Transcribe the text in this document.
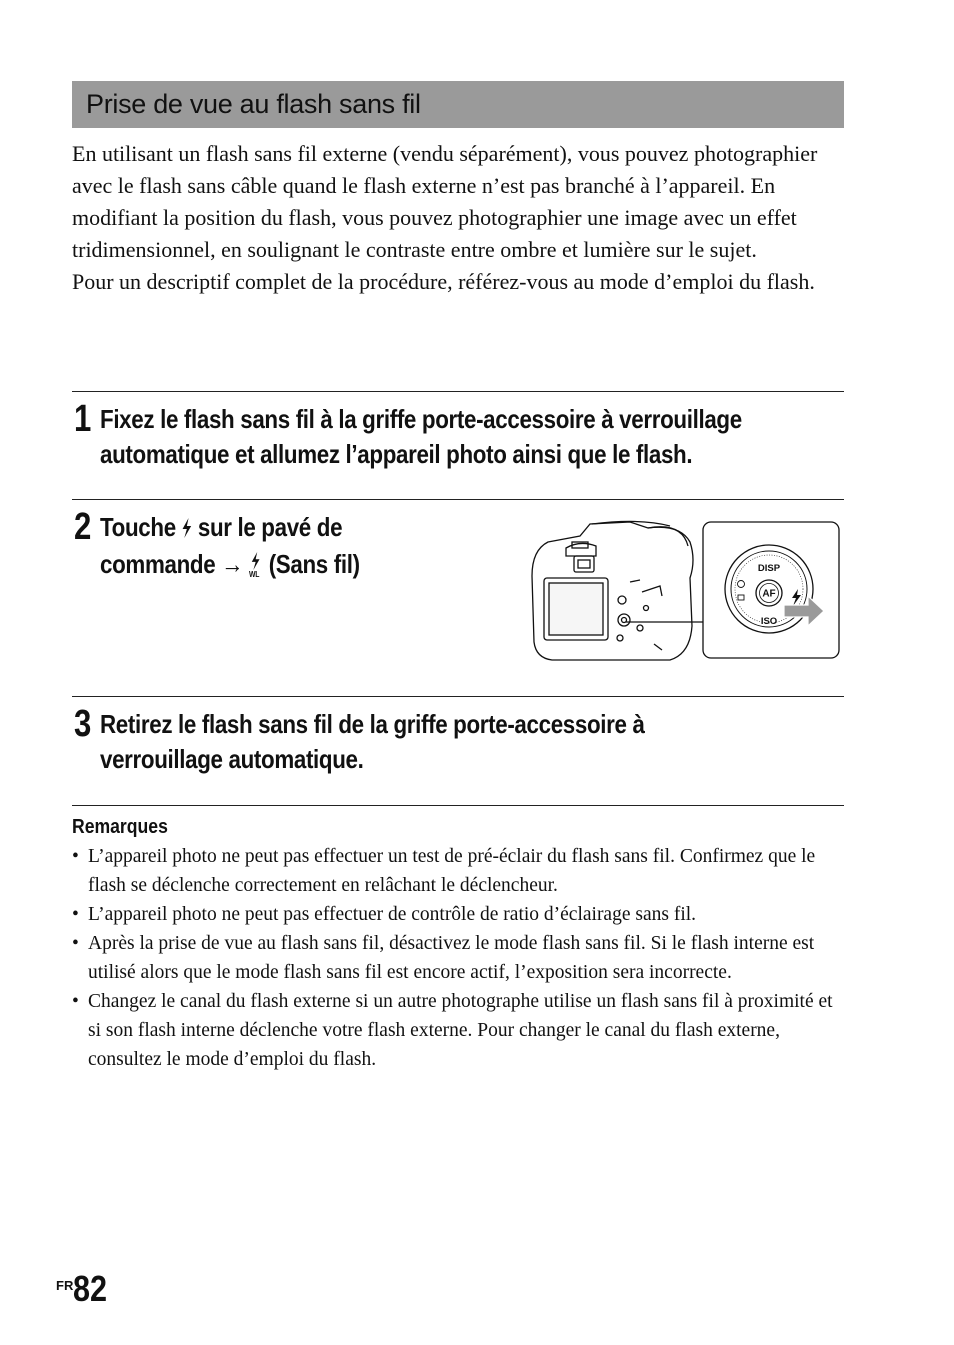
Prise de vue au flash sans fil

En utilisant un flash sans fil externe (vendu séparément), vous pouvez photographier avec le flash sans câble quand le flash externe n’est pas branché à l’appareil. En modifiant la position du flash, vous pouvez photographier une image avec un effet tridimensionnel, en soulignant le contraste entre ombre et lumière sur le sujet.

Pour un descriptif complet de la procédure, référez-vous au mode d’emploi du flash.

1 Fixez le flash sans fil à la griffe porte-accessoire à verrouillage
automatique et allumez l’appareil photo ainsi que le flash.
2 Touche sur le pavé de
commande → WL (Sans fil)	DISP
AF
ISO
3 Retirez le flash sans fil de la griffe porte-accessoire à
verrouillage automatique.
Remarques
• L’appareil photo ne peut pas effectuer un test de pré-éclair du flash sans fil. Confirmez que le flash se déclenche correctement en relâchant le déclencheur.
• L’appareil photo ne peut pas effectuer de contrôle de ratio d’éclairage sans fil.
• Après la prise de vue au flash sans fil, désactivez le mode flash sans fil. Si le flash interne est utilisé alors que le mode flash sans fil est encore actif, l’exposition sera incorrecte.
• Changez le canal du flash externe si un autre photographe utilise un flash sans fil à proximité et si son flash interne déclenche votre flash externe. Pour changer le canal du flash externe, consultez le mode d’emploi du flash.
$^{FR}$82
